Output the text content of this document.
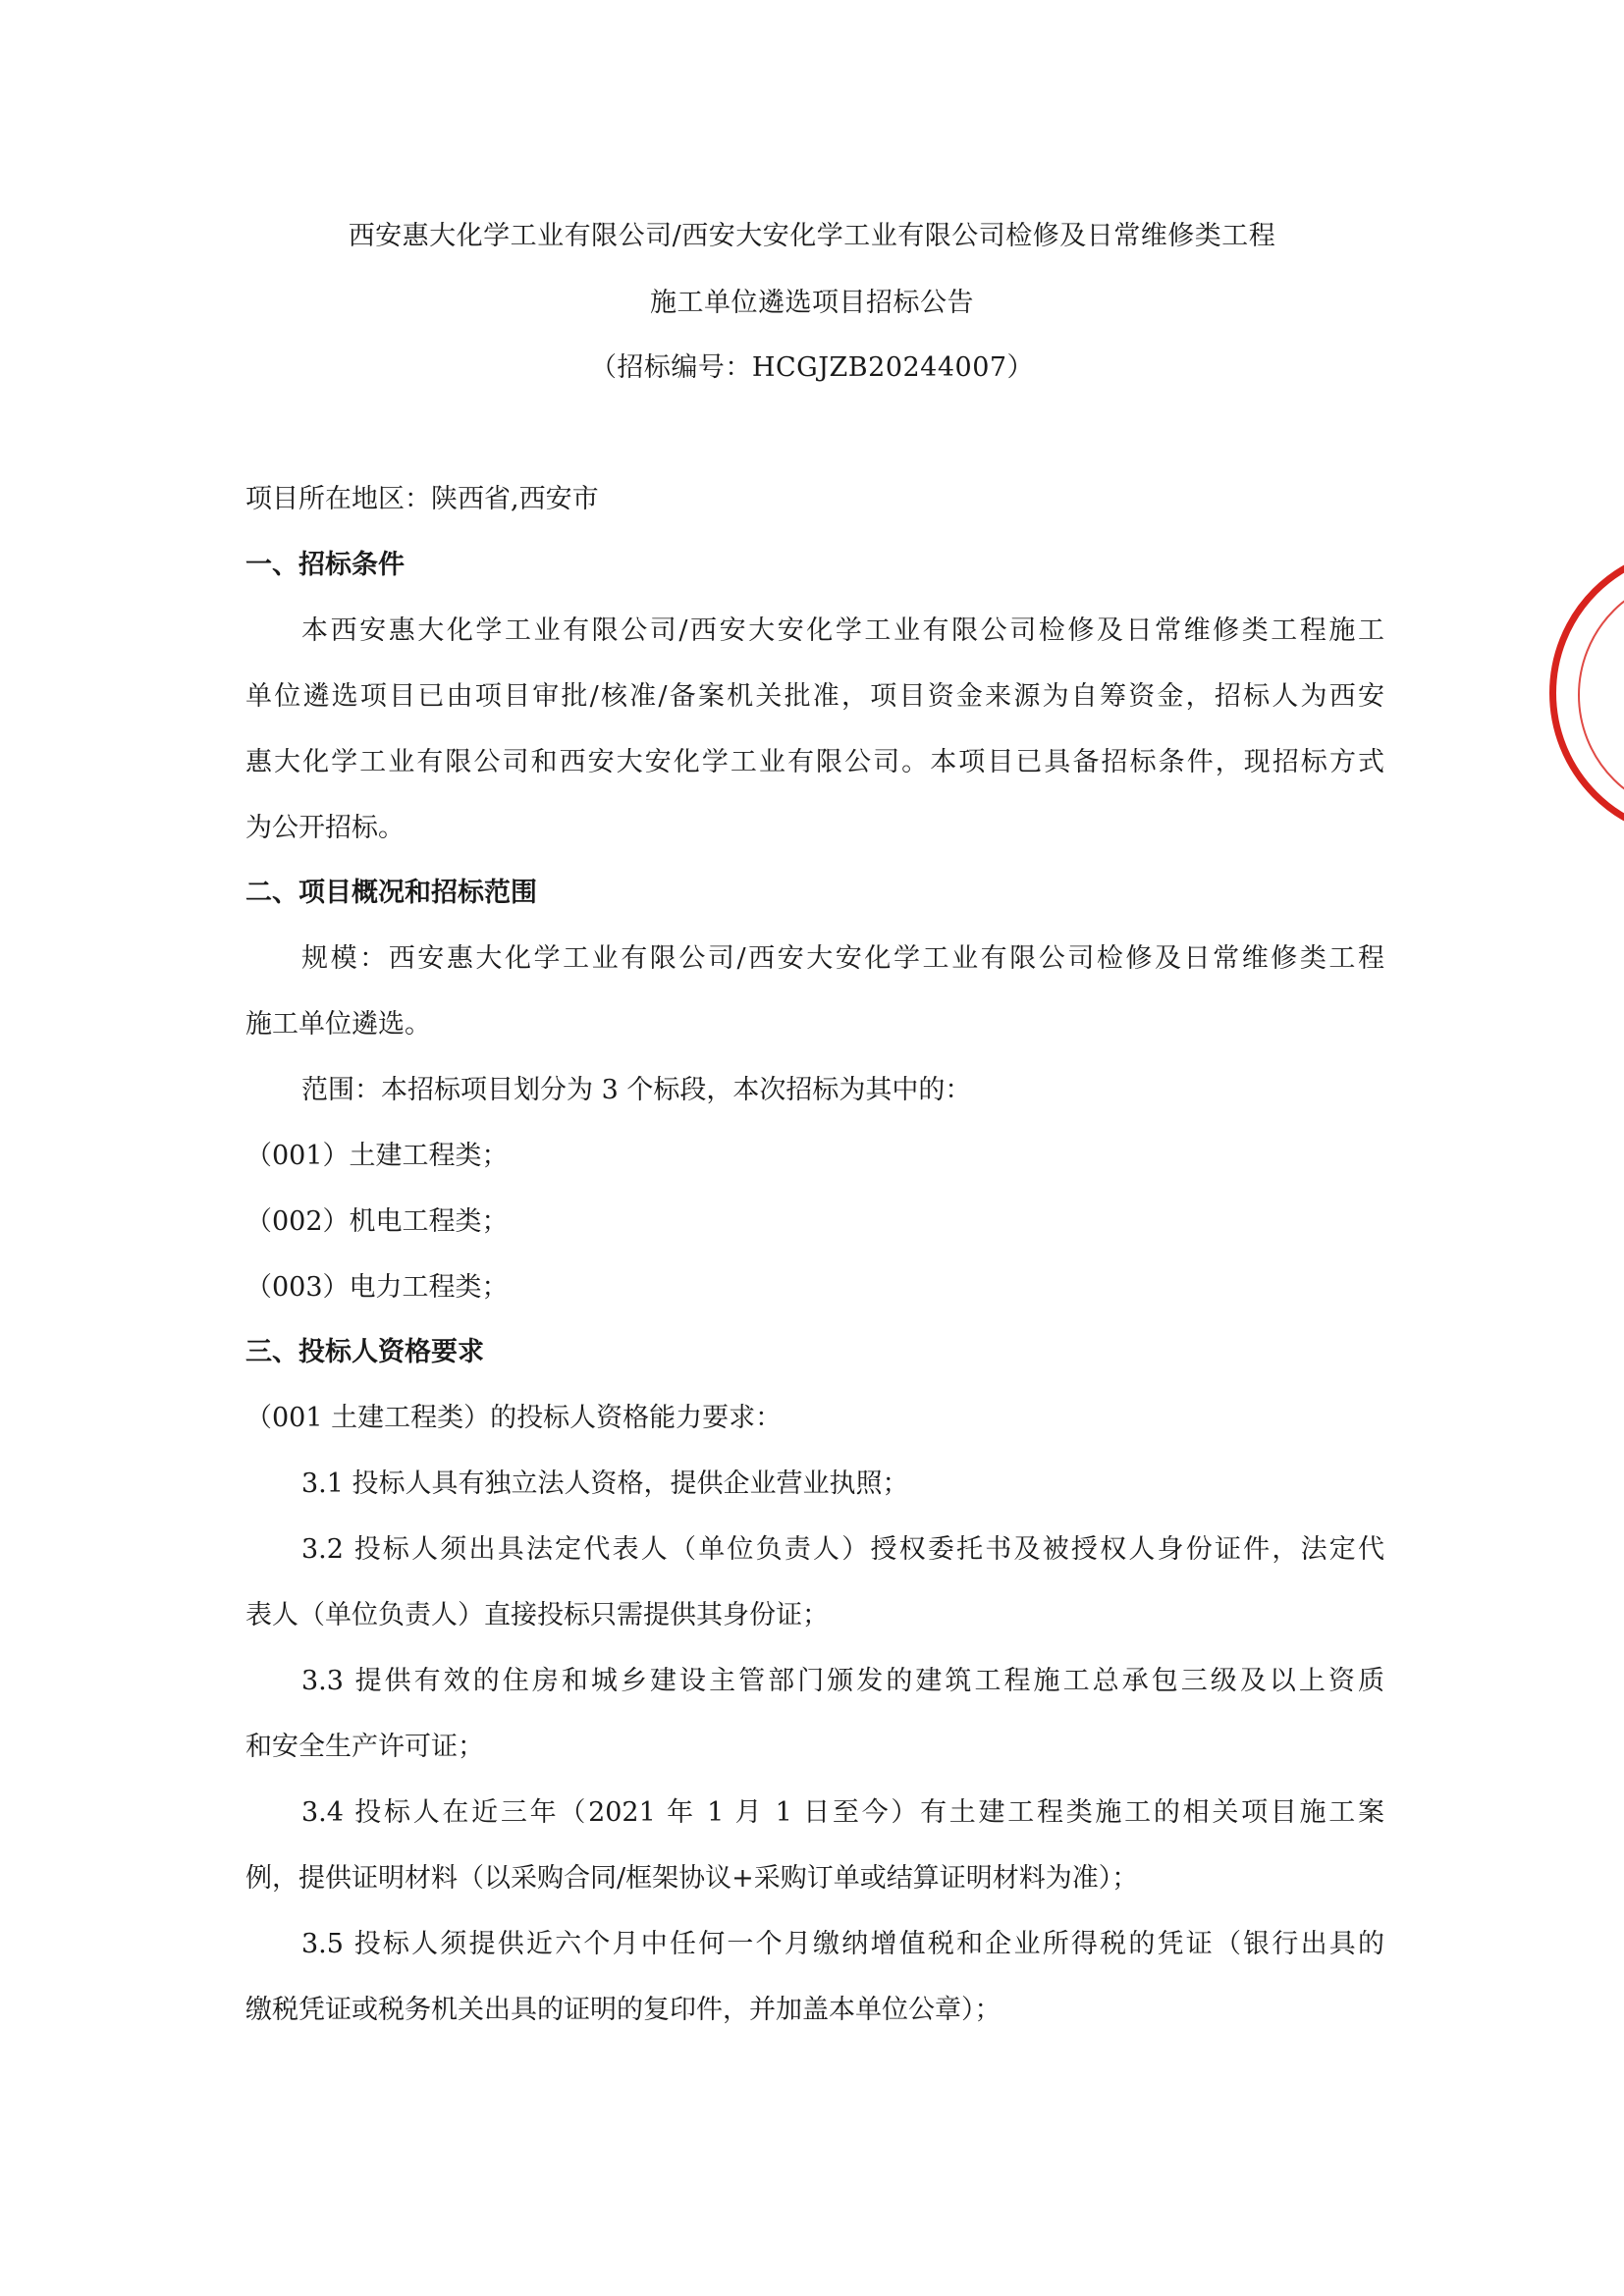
西安惠大化学工业有限公司/西安大安化学工业有限公司检修及日常维修类工程
施工单位遴选项目招标公告
（招标编号：HCGJZB20244007）
项目所在地区：陕西省,西安市
一、招标条件
本西安惠大化学工业有限公司/西安大安化学工业有限公司检修及日常维修类工程施工
单位遴选项目已由项目审批/核准/备案机关批准，项目资金来源为自筹资金，招标人为西安
惠大化学工业有限公司和西安大安化学工业有限公司。本项目已具备招标条件，现招标方式
为公开招标。
二、项目概况和招标范围
规模：西安惠大化学工业有限公司/西安大安化学工业有限公司检修及日常维修类工程
施工单位遴选。
范围：本招标项目划分为 3 个标段，本次招标为其中的：
（001）土建工程类；
（002）机电工程类；
（003）电力工程类；
三、投标人资格要求
（001 土建工程类）的投标人资格能力要求：
3.1 投标人具有独立法人资格，提供企业营业执照；
3.2 投标人须出具法定代表人（单位负责人）授权委托书及被授权人身份证件，法定代
表人（单位负责人）直接投标只需提供其身份证；
3.3 提供有效的住房和城乡建设主管部门颁发的建筑工程施工总承包三级及以上资质
和安全生产许可证；
3.4 投标人在近三年（2021 年 1 月 1 日至今）有土建工程类施工的相关项目施工案
例，提供证明材料（以采购合同/框架协议+采购订单或结算证明材料为准）；
3.5 投标人须提供近六个月中任何一个月缴纳增值税和企业所得税的凭证（银行出具的
缴税凭证或税务机关出具的证明的复印件，并加盖本单位公章）；
